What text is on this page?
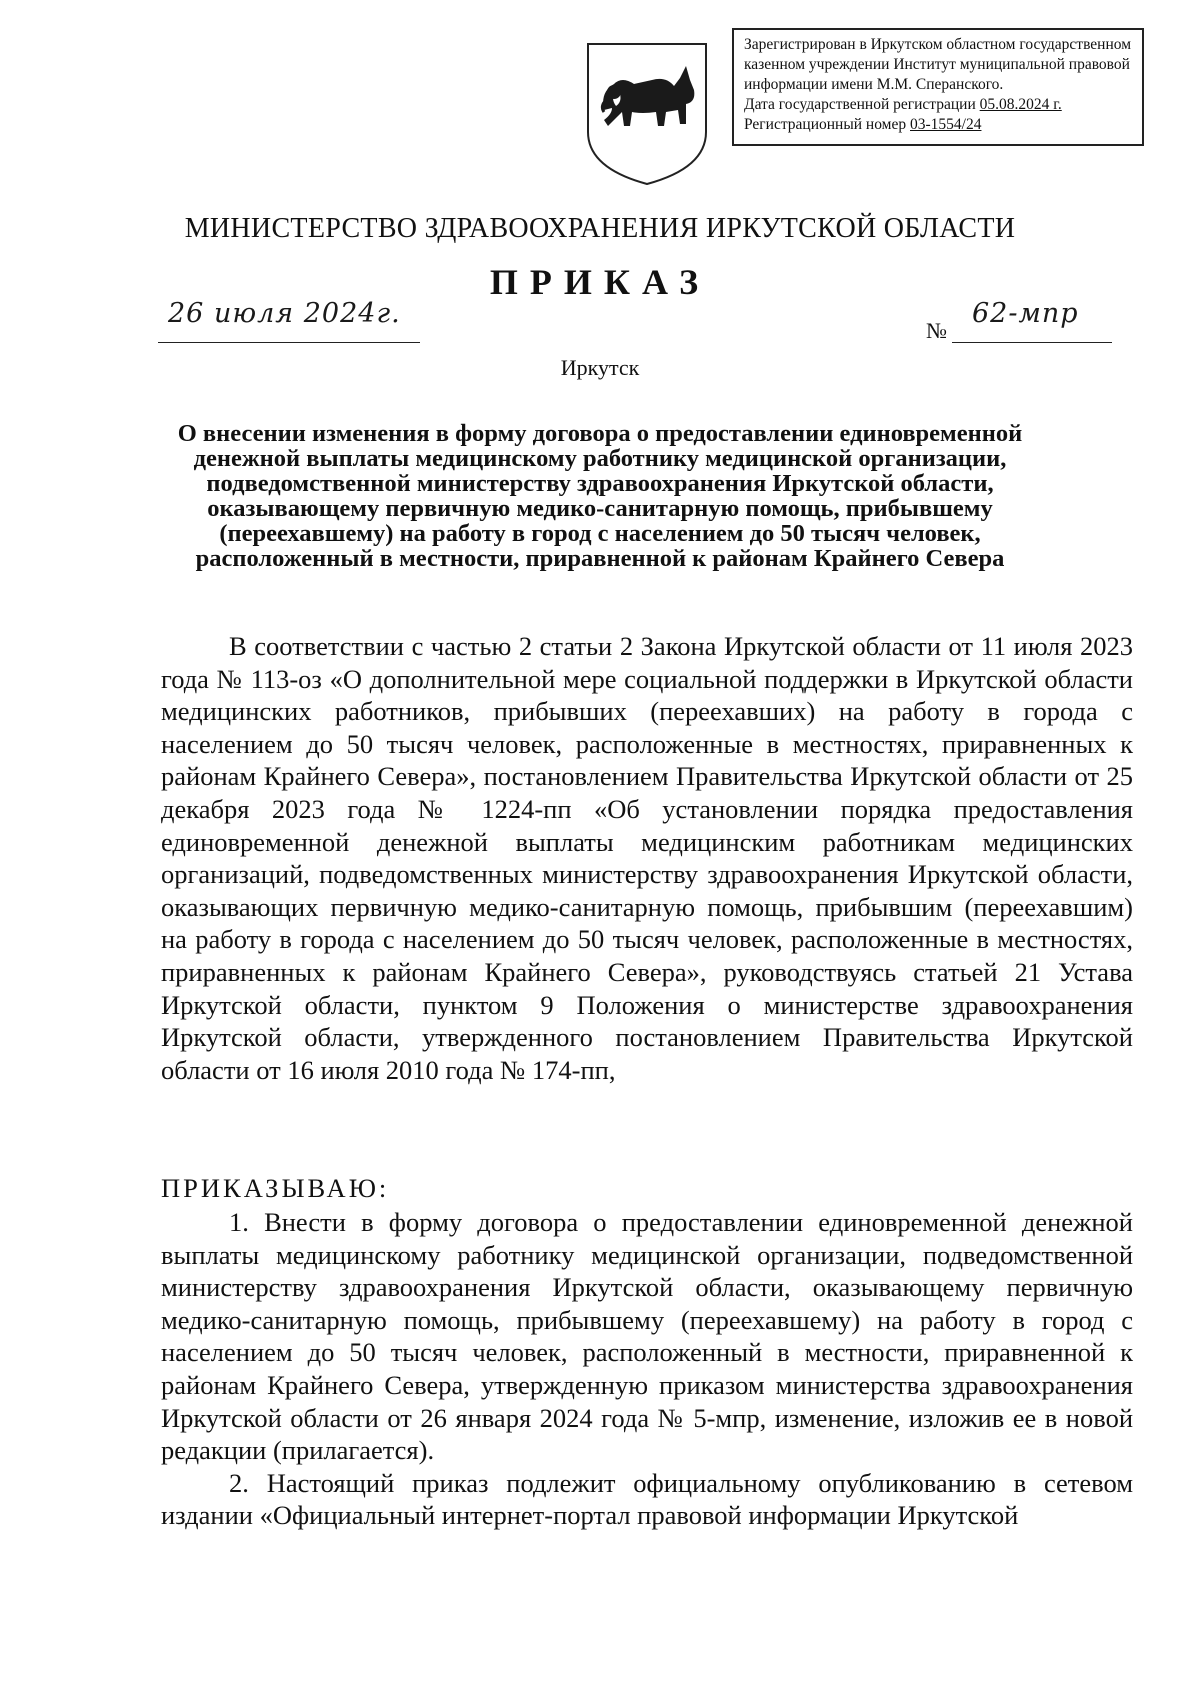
Зарегистрирован в Иркутском областном государственном
казенном учреждении Институт муниципальной правовой
информации имени М.М. Сперанского.
Дата государственной регистрации 05.08.2024 г.
Регистрационный номер 03-1554/24
МИНИСТЕРСТВО ЗДРАВООХРАНЕНИЯ ИРКУТСКОЙ ОБЛАСТИ
ПРИКАЗ
26 июля 2024г.
№
62-мпр
Иркутск
О внесении изменения в форму договора о предоставлении единовременной денежной выплаты медицинскому работнику медицинской организации, подведомственной министерству здравоохранения Иркутской области, оказывающему первичную медико-санитарную помощь, прибывшему (переехавшему) на работу в город с населением до 50 тысяч человек, расположенный в местности, приравненной к районам Крайнего Севера

В соответствии с частью 2 статьи 2 Закона Иркутской области от 11 июля 2023 года № 113-оз «О дополнительной мере социальной поддержки в Иркутской области медицинских работников, прибывших (переехавших) на работу в города с населением до 50 тысяч человек, расположенные в местностях, приравненных к районам Крайнего Севера», постановлением Правительства Иркутской области от 25 декабря 2023 года № 1224-пп «Об установлении порядка предоставления единовременной денежной выплаты медицинским работникам медицинских организаций, подведомственных министерству здравоохранения Иркутской области, оказывающих первичную медико-санитарную помощь, прибывшим (переехавшим) на работу в города с населением до 50 тысяч человек, расположенные в местностях, приравненных к районам Крайнего Севера», руководствуясь статьей 21 Устава Иркутской области, пунктом 9 Положения о министерстве здравоохранения Иркутской области, утвержденного постановлением Правительства Иркутской области от 16 июля 2010 года № 174-пп,

ПРИКАЗЫВАЮ:

1. Внести в форму договора о предоставлении единовременной денежной выплаты медицинскому работнику медицинской организации, подведомственной министерству здравоохранения Иркутской области, оказывающему первичную медико-санитарную помощь, прибывшему (переехавшему) на работу в город с населением до 50 тысяч человек, расположенный в местности, приравненной к районам Крайнего Севера, утвержденную приказом министерства здравоохранения Иркутской области от 26 января 2024 года № 5-мпр, изменение, изложив ее в новой редакции (прилагается).

2. Настоящий приказ подлежит официальному опубликованию в сетевом издании «Официальный интернет-портал правовой информации Иркутской
